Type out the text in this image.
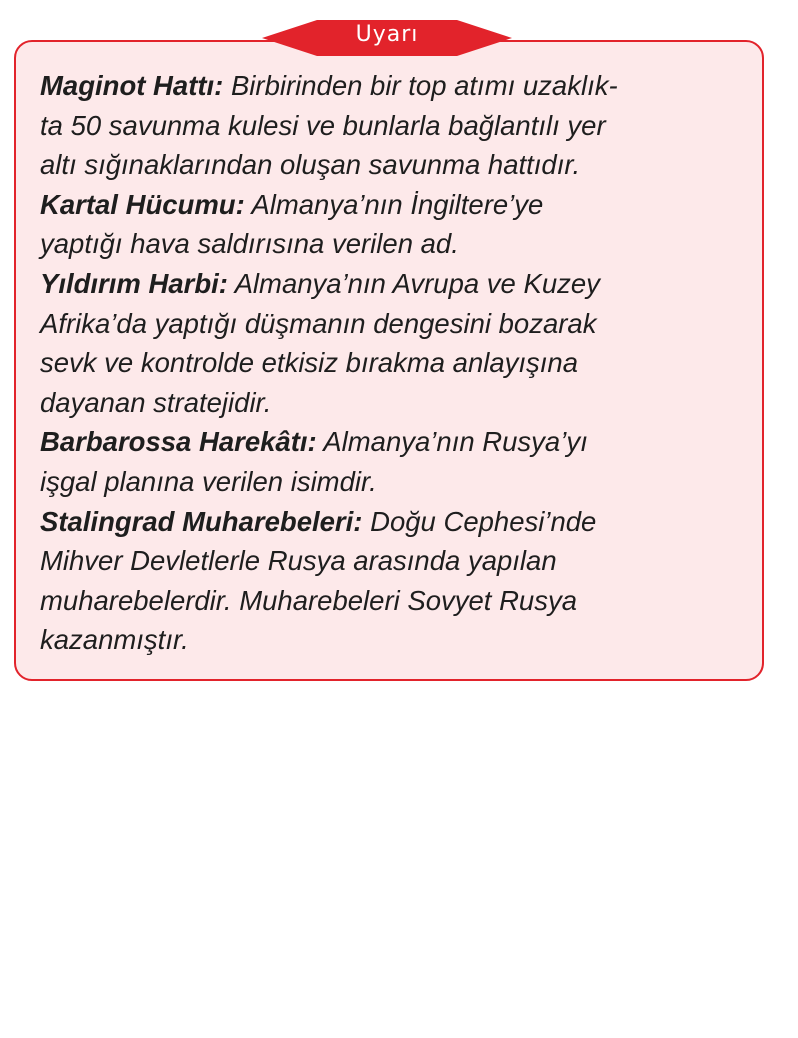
Uyarı
Maginot Hattı: Birbirinden bir top atımı uzaklık-
ta 50 savunma kulesi ve bunlarla bağlantılı yer
altı sığınaklarından oluşan savunma hattıdır.
Kartal Hücumu: Almanya’nın İngiltere’ye
yaptığı hava saldırısına verilen ad.
Yıldırım Harbi: Almanya’nın Avrupa ve Kuzey
Afrika’da yaptığı düşmanın dengesini bozarak
sevk ve kontrolde etkisiz bırakma anlayışına
dayanan stratejidir.
Barbarossa Harekâtı: Almanya’nın Rusya’yı
işgal planına verilen isimdir.
Stalingrad Muharebeleri: Doğu Cephesi’nde
Mihver Devletlerle Rusya arasında yapılan
muharebelerdir. Muharebeleri Sovyet Rusya
kazanmıştır.
